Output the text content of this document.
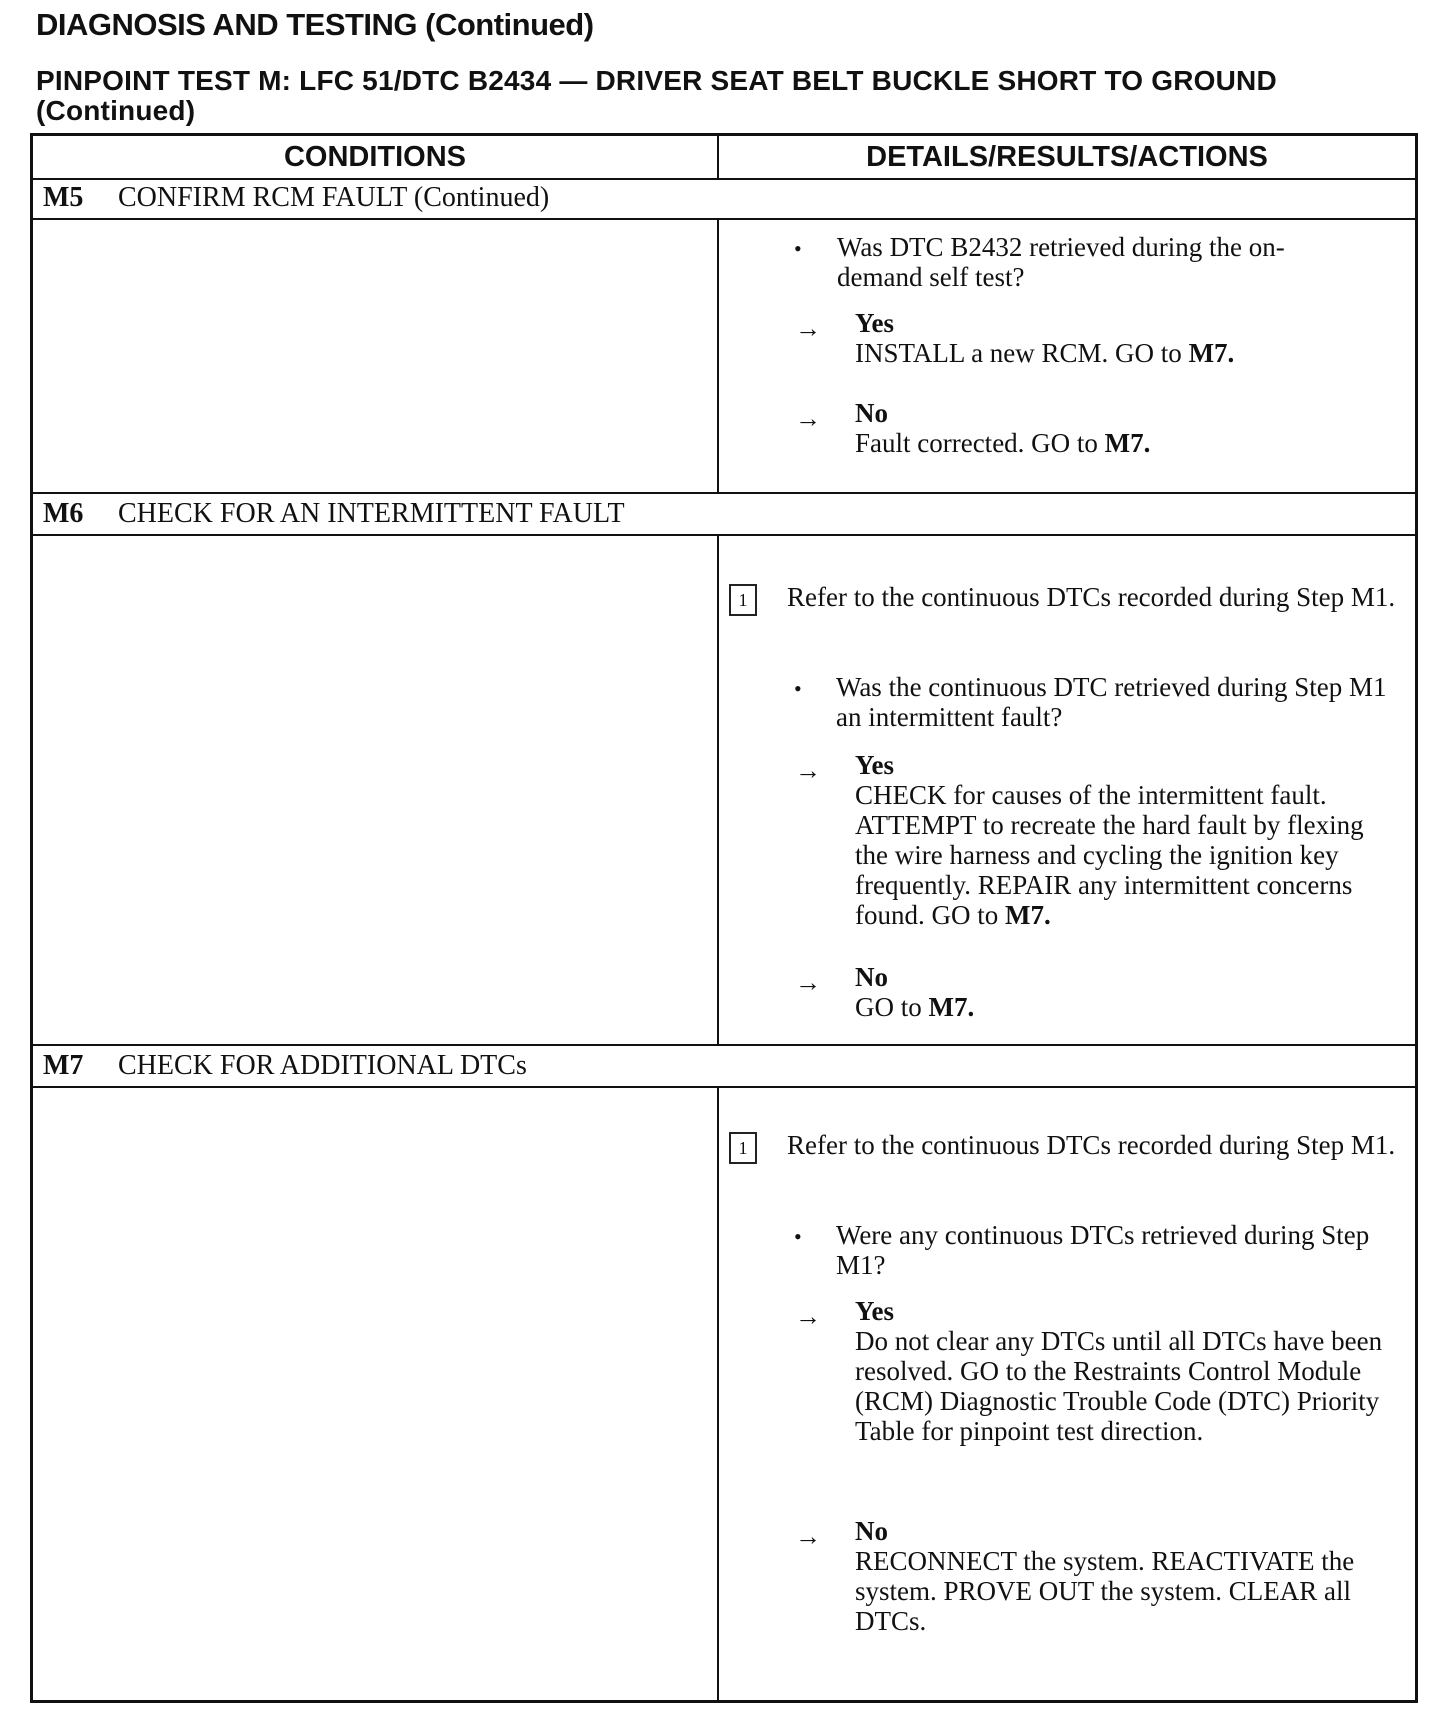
DIAGNOSIS AND TESTING (Continued)
PINPOINT TEST M: LFC 51/DTC B2434 — DRIVER SEAT BELT BUCKLE SHORT TO GROUND (Continued)
CONDITIONS	DETAILS/RESULTS/ACTIONS
M5 CONFIRM RCM FAULT (Continued)
• Was DTC B2432 retrieved during the on-demand self test?
→ Yes
INSTALL a new RCM. GO to M7.
→ No
Fault corrected. GO to M7.
M6 CHECK FOR AN INTERMITTENT FAULT
1	Refer to the continuous DTCs recorded during Step M1.
• Was the continuous DTC retrieved during Step M1 an intermittent fault?
→ Yes
CHECK for causes of the intermittent fault. ATTEMPT to recreate the hard fault by flexing the wire harness and cycling the ignition key frequently. REPAIR any intermittent concerns found. GO to M7.
→ No
GO to M7.
M7 CHECK FOR ADDITIONAL DTCs
1	Refer to the continuous DTCs recorded during Step M1.
• Were any continuous DTCs retrieved during Step M1?
→ Yes
Do not clear any DTCs until all DTCs have been resolved. GO to the Restraints Control Module (RCM) Diagnostic Trouble Code (DTC) Priority Table for pinpoint test direction.
→ No
RECONNECT the system. REACTIVATE the system. PROVE OUT the system. CLEAR all DTCs.
